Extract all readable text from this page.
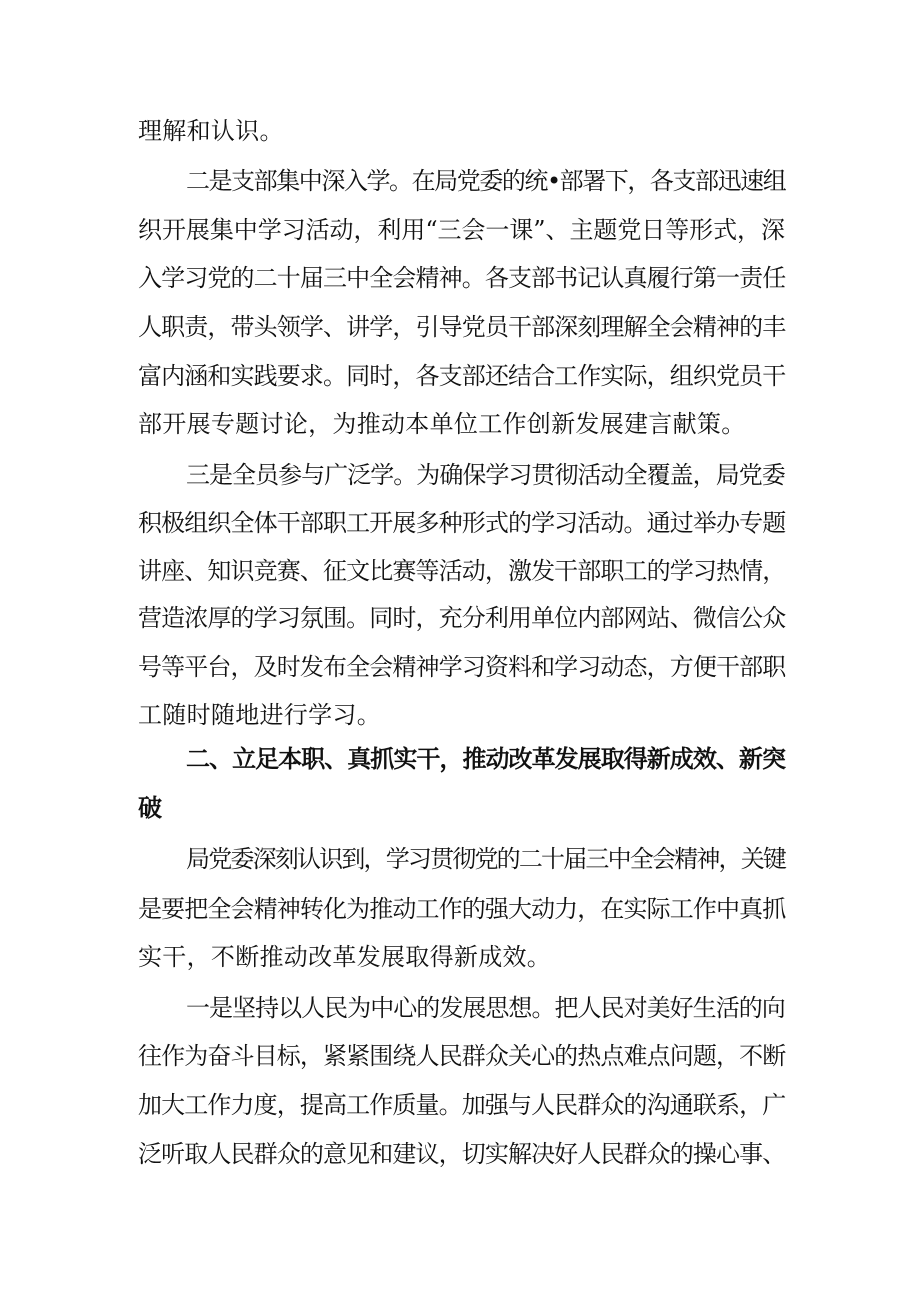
理解和认识。
二是支部集中深入学。在局党委的统•部署下，各支部迅速组
织开展集中学习活动，利用“三会一课”、主题党日等形式，深
入学习党的二十届三中全会精神。各支部书记认真履行第一责任
人职责，带头领学、讲学，引导党员干部深刻理解全会精神的丰
富内涵和实践要求。同时，各支部还结合工作实际，组织党员干
部开展专题讨论，为推动本单位工作创新发展建言献策。
三是全员参与广泛学。为确保学习贯彻活动全覆盖，局党委
积极组织全体干部职工开展多种形式的学习活动。通过举办专题
讲座、知识竞赛、征文比赛等活动，激发干部职工的学习热情，
营造浓厚的学习氛围。同时，充分利用单位内部网站、微信公众
号等平台，及时发布全会精神学习资料和学习动态，方便干部职
工随时随地进行学习。
二、立足本职、真抓实干，推动改革发展取得新成效、新突
破
局党委深刻认识到，学习贯彻党的二十届三中全会精神，关键
是要把全会精神转化为推动工作的强大动力，在实际工作中真抓
实干，不断推动改革发展取得新成效。
一是坚持以人民为中心的发展思想。把人民对美好生活的向
往作为奋斗目标，紧紧围绕人民群众关心的热点难点问题，不断
加大工作力度，提高工作质量。加强与人民群众的沟通联系，广
泛听取人民群众的意见和建议，切实解决好人民群众的操心事、
